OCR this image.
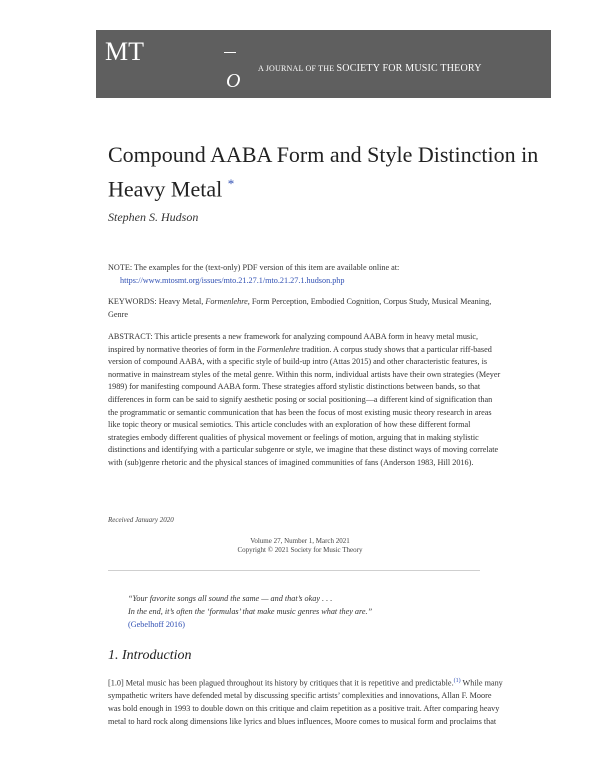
MT
O
A JOURNAL OF THE SOCIETY FOR MUSIC THEORY
Compound AABA Form and Style Distinction in Heavy Metal *
Stephen S. Hudson
NOTE: The examples for the (text-only) PDF version of this item are available online at:
https://www.mtosmt.org/issues/mto.21.27.1/mto.21.27.1.hudson.php
KEYWORDS: Heavy Metal, Formenlehre, Form Perception, Embodied Cognition, Corpus Study, Musical Meaning, Genre
ABSTRACT: This article presents a new framework for analyzing compound AABA form in heavy metal music, inspired by normative theories of form in the Formenlehre tradition. A corpus study shows that a particular riff-based version of compound AABA, with a specific style of build-up intro (Attas 2015) and other characteristic features, is normative in mainstream styles of the metal genre. Within this norm, individual artists have their own strategies (Meyer 1989) for manifesting compound AABA form. These strategies afford stylistic distinctions between bands, so that differences in form can be said to signify aesthetic posing or social positioning—a different kind of signification than the programmatic or semantic communication that has been the focus of most existing music theory research in areas like topic theory or musical semiotics. This article concludes with an exploration of how these different formal strategies embody different qualities of physical movement or feelings of motion, arguing that in making stylistic distinctions and identifying with a particular subgenre or style, we imagine that these distinct ways of moving correlate with (sub)genre rhetoric and the physical stances of imagined communities of fans (Anderson 1983, Hill 2016).
Received January 2020
Volume 27, Number 1, March 2021
Copyright © 2021 Society for Music Theory
“Your favorite songs all sound the same — and that’s okay . . .
In the end, it’s often the ‘formulas’ that make music genres what they are.”
(Gebelhoff 2016)
1. Introduction
[1.0] Metal music has been plagued throughout its history by critiques that it is repetitive and predictable.$^{(1)}$ While many sympathetic writers have defended metal by discussing specific artists’ complexities and innovations, Allan F. Moore was bold enough in 1993 to double down on this critique and claim repetition as a positive trait. After comparing heavy metal to hard rock along dimensions like lyrics and blues influences, Moore comes to musical form and proclaims that
